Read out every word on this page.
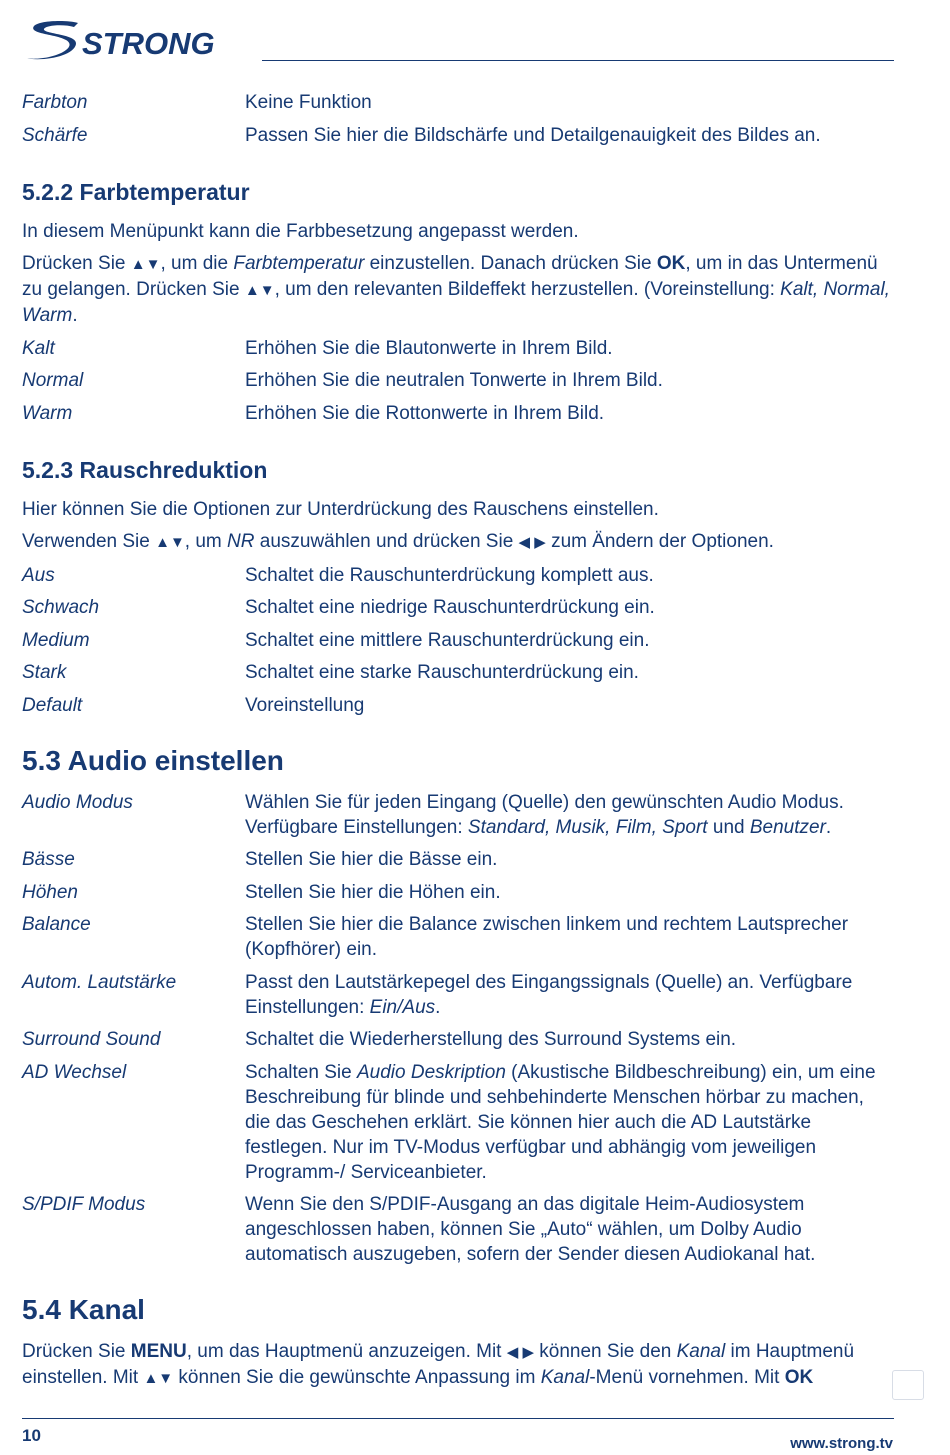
STRONG
Farbton	Keine Funktion
Schärfe	Passen Sie hier die Bildschärfe und Detailgenauigkeit des Bildes an.
5.2.2 Farbtemperatur

In diesem Menüpunkt kann die Farbbesetzung angepasst werden.

Drücken Sie ▲▼, um die Farbtemperatur einzustellen. Danach drücken Sie OK, um in das Untermenü zu gelangen. Drücken Sie ▲▼, um den relevanten Bildeffekt herzustellen. (Voreinstellung: Kalt, Normal, Warm.

Kalt	Erhöhen Sie die Blautonwerte in Ihrem Bild.
Normal	Erhöhen Sie die neutralen Tonwerte in Ihrem Bild.
Warm	Erhöhen Sie die Rottonwerte in Ihrem Bild.
5.2.3 Rauschreduktion

Hier können Sie die Optionen zur Unterdrückung des Rauschens einstellen.

Verwenden Sie ▲▼, um NR auszuwählen und drücken Sie ◀ ▶ zum Ändern der Optionen.

Aus	Schaltet die Rauschunterdrückung komplett aus.
Schwach	Schaltet eine niedrige Rauschunterdrückung ein.
Medium	Schaltet eine mittlere Rauschunterdrückung ein.
Stark	Schaltet eine starke Rauschunterdrückung ein.
Default	Voreinstellung
5.3 Audio einstellen
Audio Modus	Wählen Sie für jeden Eingang (Quelle) den gewünschten Audio Modus. Verfügbare Einstellungen: Standard, Musik, Film, Sport und Benutzer.
Bässe	Stellen Sie hier die Bässe ein.
Höhen	Stellen Sie hier die Höhen ein.
Balance	Stellen Sie hier die Balance zwischen linkem und rechtem Lautsprecher (Kopfhörer) ein.
Autom. Lautstärke	Passt den Lautstärkepegel des Eingangssignals (Quelle) an. Verfügbare Einstellungen: Ein/Aus.
Surround Sound	Schaltet die Wiederherstellung des Surround Systems ein.
AD Wechsel	Schalten Sie Audio Deskription (Akustische Bildbeschreibung) ein, um eine Beschreibung für blinde und sehbehinderte Menschen hörbar zu machen, die das Geschehen erklärt. Sie können hier auch die AD Lautstärke festlegen. Nur im TV-Modus verfügbar und abhängig vom jeweiligen Programm-/ Serviceanbieter.
S/PDIF Modus	Wenn Sie den S/PDIF-Ausgang an das digitale Heim-Audiosystem angeschlossen haben, können Sie „Auto“ wählen, um Dolby Audio automatisch auszugeben, sofern der Sender diesen Audiokanal hat.
5.4 Kanal

Drücken Sie MENU, um das Hauptmenü anzuzeigen. Mit ◀ ▶ können Sie den Kanal im Hauptmenü einstellen. Mit ▲▼ können Sie die gewünschte Anpassung im Kanal-Menü vornehmen. Mit OK

10	www.strong.tv
